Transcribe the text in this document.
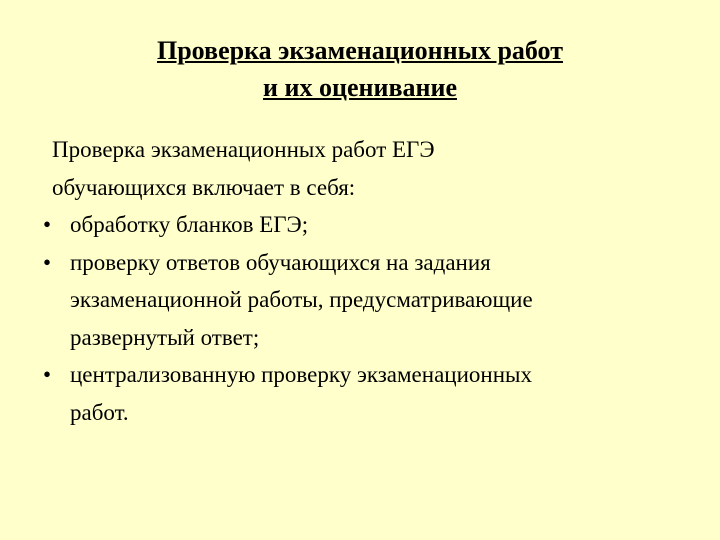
Проверка экзаменационных работ
и их оценивание
Проверка экзаменационных работ ЕГЭ
обучающихся включает в себя:
• обработку бланков ЕГЭ;
• проверку ответов обучающихся на задания
экзаменационной работы, предусматривающие
развернутый ответ;
• централизованную проверку экзаменационных
работ.
